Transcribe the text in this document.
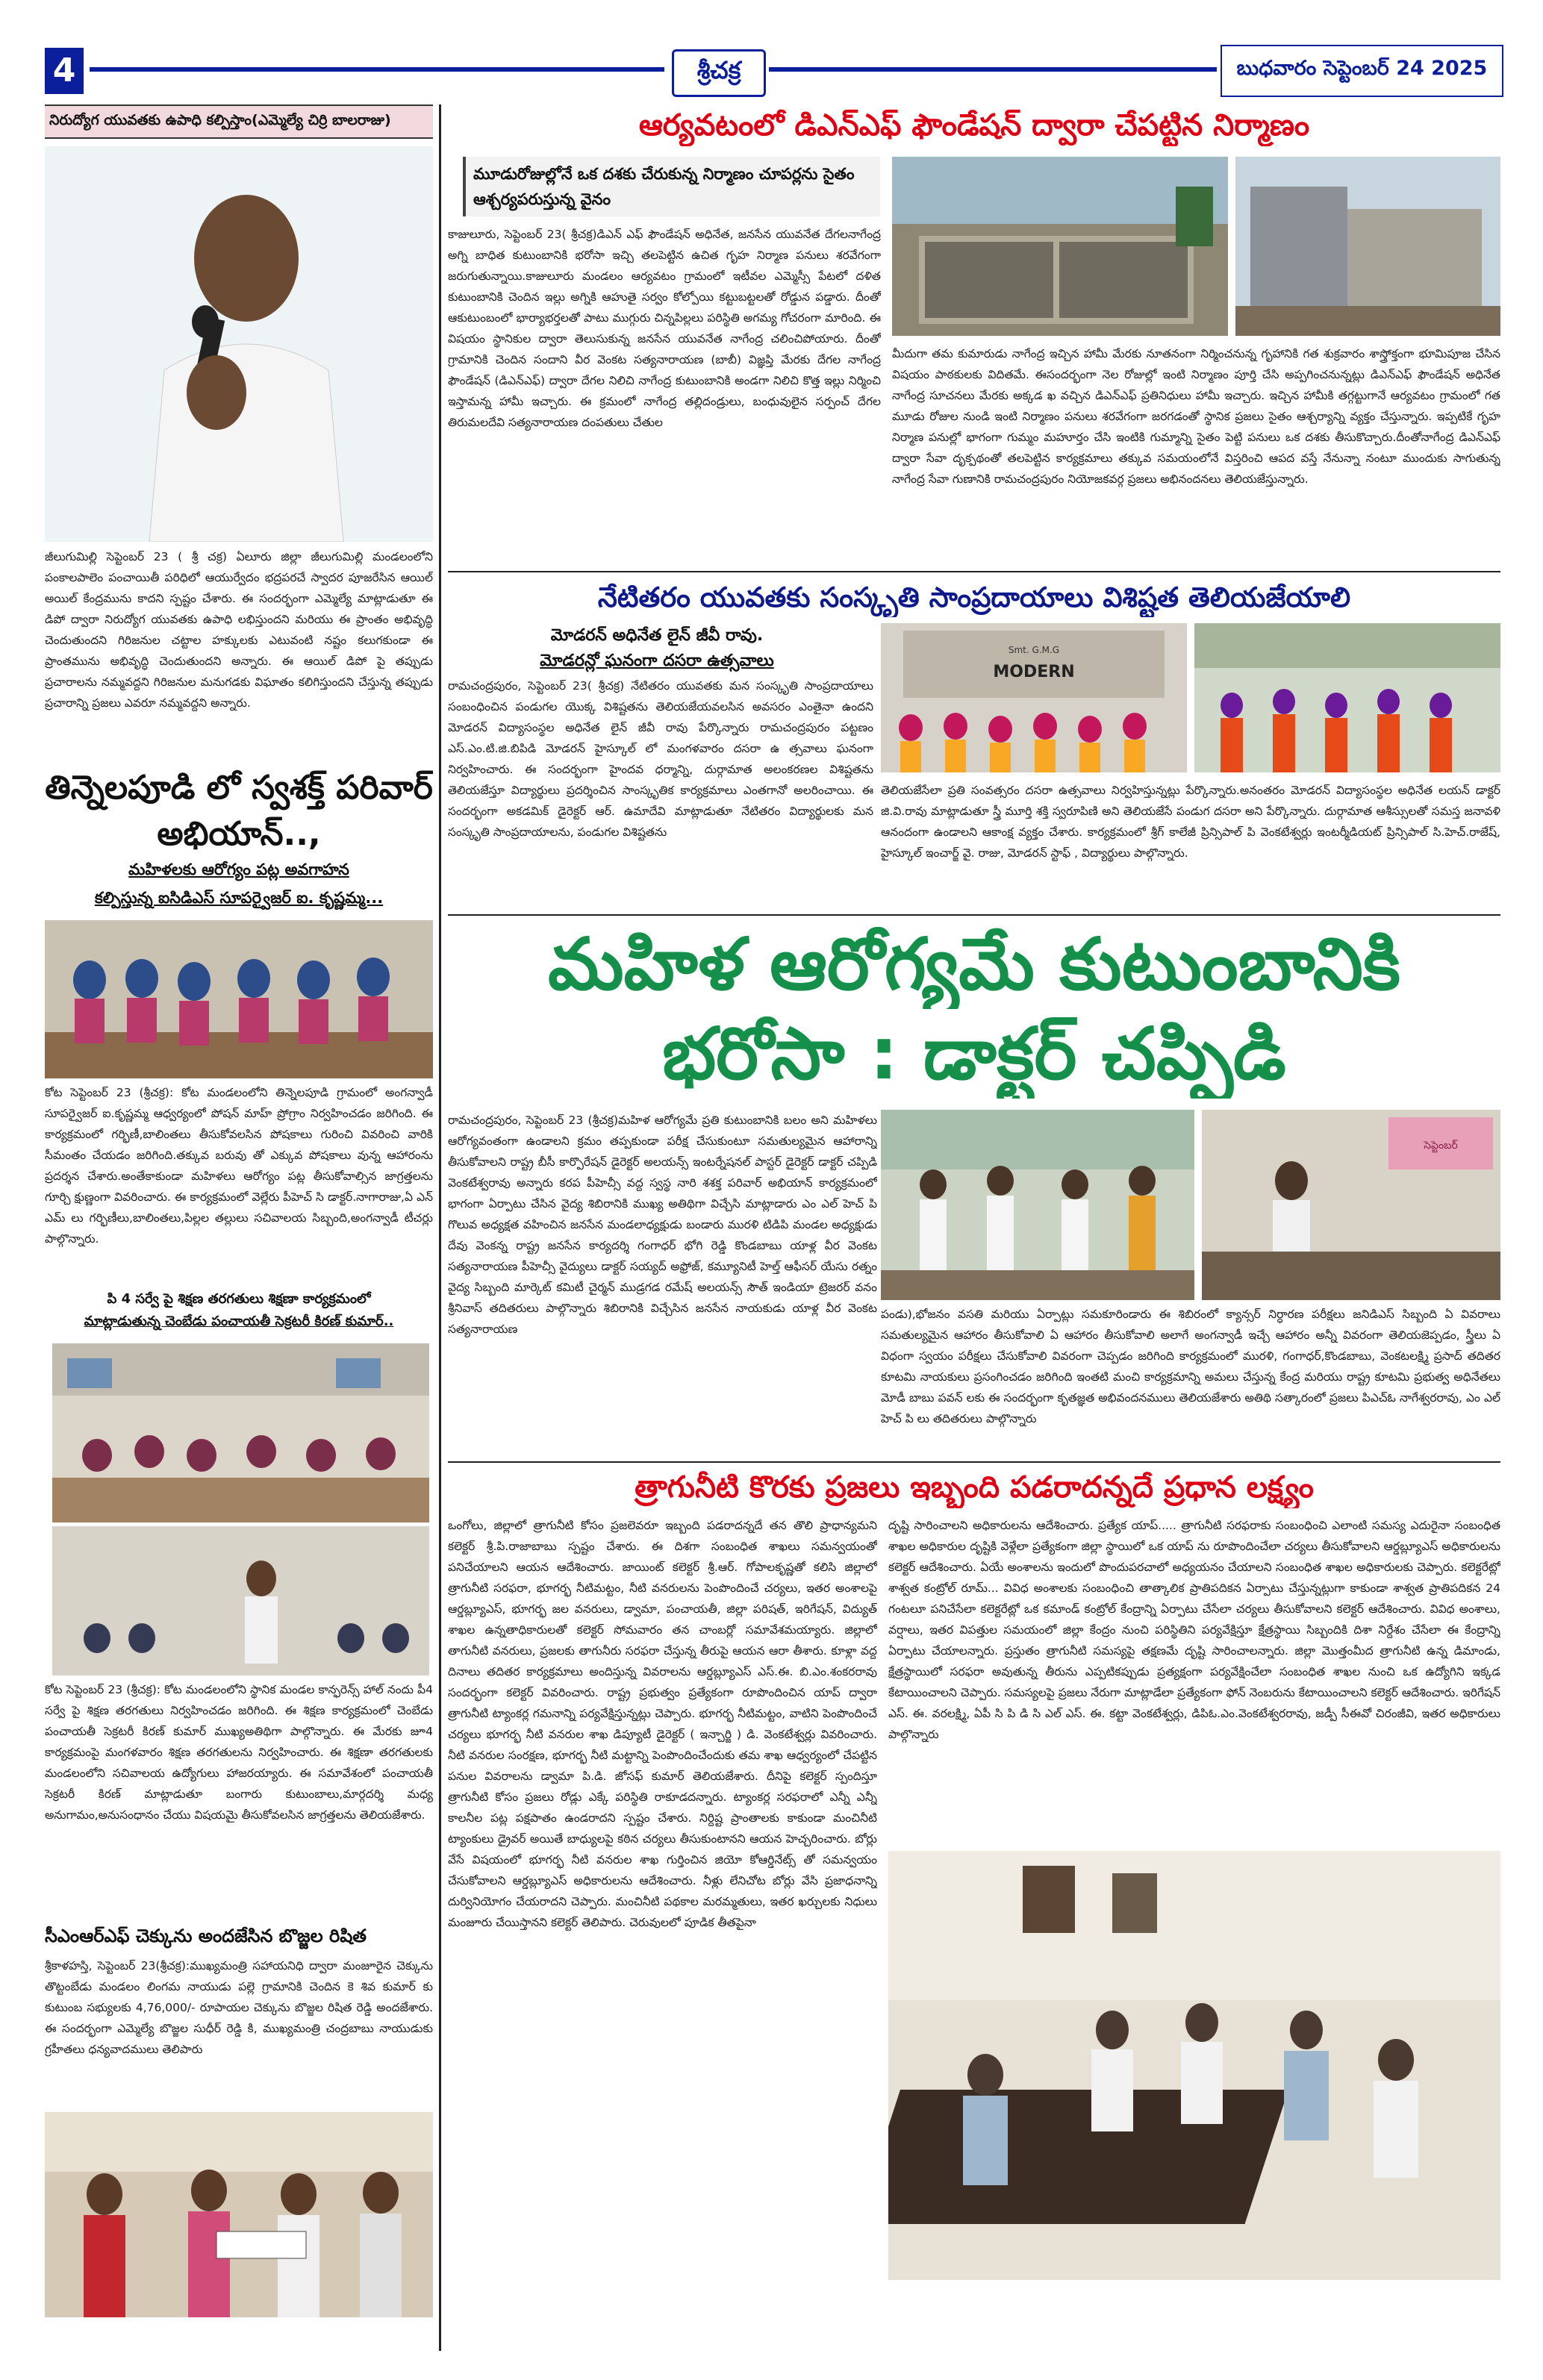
4	శ్రీచక్ర	బుధవారం సెప్టెంబర్ 24 2025
నిరుద్యోగ యువతకు ఉపాధి కల్పిస్తాం(ఎమ్మెల్యే చిర్రి బాలరాజు)
జీలుగుమిల్లి సెప్టెంబర్ 23 ( శ్రీ చక్ర) ఏలూరు జిల్లా జీలుగుమిల్లి మండలంలోని పంకాలపాలెం పంచాయితీ పరిధిలో ఆయుర్వేదం భద్రపరచే స్వాదర పూజరేసిన ఆయిల్ అయిల్ కేంద్రమును కాదని స్పష్టం చేశారు. ఈ సందర్భంగా ఎమ్మెల్యే మాట్లాడుతూ ఈ డిపో ద్వారా నిరుద్యోగ యువతకు ఉపాధి లభిస్తుందని మరియు ఈ ప్రాంతం అభివృద్ధి చెందుతుందని గిరిజనుల చట్టాల హక్కులకు ఎటువంటి నష్టం కలుగకుండా ఈ ప్రాంతమును అభివృద్ధి చెందుతుందని అన్నారు. ఈ ఆయిల్ డిపో పై తప్పుడు ప్రచారాలను నమ్మవద్దని గిరిజనుల మనుగడకు విఘాతం కలిగిస్తుందని చేస్తున్న తప్పుడు ప్రచారాన్ని ప్రజలు ఎవరూ నమ్మవద్దని అన్నారు.
తిన్నెలపూడి లో స్వశక్త్ పరివార్ అభియాన్..,
మహిళలకు ఆరోగ్యం పట్ల అవగాహన
కల్పిస్తున్న ఐసిడిఎస్ సూపర్వైజర్ ఐ. కృష్ణమ్మ...
కోట సెప్టెంబర్ 23 (శ్రీచక్ర): కోట మండలంలోని తిన్నెలపూడి గ్రామంలో అంగన్వాడీ సూపర్వైజర్ ఐ.కృష్ణమ్మ ఆధ్వర్యంలో పోషన్ మాహ్ ప్రోగ్రాం నిర్వహించడం జరిగింది. ఈ కార్యక్రమంలో గర్భిణీ,బాలింతలు తీసుకోవలసిన పోషకాలు గురించి వివరించి వారికి సీమంతం చేయడం జరిగింది.తక్కువ బరువు తో ఎక్కువ పోషకాలు వున్న ఆహారంను ప్రదర్శన చేశారు.అంతేకాకుండా మహిళలు ఆరోగ్యం పట్ల తీసుకోవాల్సిన జాగ్రత్తలను గూర్చి క్షుణ్ణంగా వివరించారు. ఈ కార్యక్రమంలో వెల్లేరు పీహెచ్ సి డాక్టర్.నాగారాజు,ఏ ఎన్ ఎమ్ లు గర్భిణీలు,బాలింతలు,పిల్లల తల్లులు సచివాలయ సిబ్బంది,అంగన్వాడీ టీచర్లు పాల్గొన్నారు.
పి 4 సర్వే పై శిక్షణ తరగతులు శిక్షణా కార్యక్రమంలో
మాట్లాడుతున్న చెంబేడు పంచాయతీ సెక్రటరీ కిరణ్ కుమార్..
కోట సెప్టెంబర్ 23 (శ్రీచక్ర): కోట మండలంలోని స్థానిక మండల కాన్ఫరెన్స్ హాల్ నందు పీ4 సర్వే పై శిక్షణ తరగతులు నిర్వహించడం జరిగింది. ఈ శిక్షణ కార్యక్రమంలో చెంబేడు పంచాయతీ సెక్రటరీ కిరణ్ కుమార్ ముఖ్యఅతిథిగా పాల్గొన్నారు. ఈ మేరకు జూ4 కార్యక్రమంపై మంగళవారం శిక్షణ తరగతులను నిర్వహించారు. ఈ శిక్షణా తరగతులకు మండలంలోని సచివాలయ ఉద్యోగులు హాజరయ్యారు. ఈ సమావేశంలో పంచాయతీ సెక్రటరీ కిరణ్ మాట్లాడుతూ బంగారు కుటుంబాలు,మార్గదర్శి మధ్య అనుగామం,అనుసంధానం చేయు విషయమై తీసుకోవలసిన జాగ్రత్తలను తెలియజేశారు.
సీఎంఆర్ఎఫ్ చెక్కును అందజేసిన బొజ్జల రిషిత
శ్రీకాళహస్తి, సెప్టెంబర్ 23(శ్రీచక్ర):ముఖ్యమంత్రి సహాయనిధి ద్వారా మంజూరైన చెక్కును తొట్టంబేడు మండలం లింగమ నాయుడు పల్లె గ్రామానికి చెందిన కె శివ కుమార్ కు కుటుంబ సభ్యులకు 4,76,000/- రూపాయల చెక్కును బొజ్జల రిషిత రెడ్డి అందజేశారు. ఈ సందర్భంగా ఎమ్మెల్యే బొజ్జల సుధీర్ రెడ్డి కి, ముఖ్యమంత్రి చంద్రబాబు నాయుడుకు గ్రహీతలు ధన్యవాదములు తెలిపారు
ఆర్యవటంలో డిఎన్ఎఫ్ ఫౌండేషన్ ద్వారా చేపట్టిన నిర్మాణం
మూడురోజుల్లోనే ఒక దశకు చేరుకున్న నిర్మాణం చూపర్లను సైతం ఆశ్చర్యపరుస్తున్న వైనం
కాజులూరు, సెప్టెంబర్ 23( శ్రీచక్ర)డిఎన్ ఎఫ్ ఫౌండేషన్ అధినేత, జనసేన యువనేత దేగలనాగేంద్ర అగ్ని బాధిత కుటుంబానికి భరోసా ఇచ్చి తలపెట్టిన ఉచిత గృహ నిర్మాణ పనులు శరవేగంగా జరుగుతున్నాయి.కాజులూరు మండలం ఆర్యవటం గ్రామంలో ఇటీవల ఎమ్మెస్సీ పేటలో దళిత కుటుంబానికి చెందిన ఇల్లు అగ్నికి ఆహుతై సర్వం కోల్పోయి కట్టుబట్టలతో రోడ్డున పడ్డారు. దీంతో ఆకుటుంబంలో భార్యాభర్తలతో పాటు ముగ్గురు చిన్నపిల్లలు పరిస్థితి అగమ్య గోచరంగా మారింది. ఈ విషయం స్థానికుల ద్వారా తెలుసుకున్న జనసేన యువనేత నాగేంద్ర చలించిపోయారు. దీంతో గ్రామానికి చెందిన సందాని వీర వెంకట సత్యనారాయణ (బాబీ) విజ్ఞప్తి మేరకు దేగల నాగేంద్ర ఫౌండేషన్ (డిఎన్ఎఫ్) ద్వారా దేగల నిలిచి నాగేంద్ర కుటుంబానికి అండగా నిలిచి కొత్త ఇల్లు నిర్మించి ఇస్తామన్న హామీ ఇచ్చారు. ఈ క్రమంలో నాగేంద్ర తల్లిదండ్రులు, బంధువులైన సర్పంచ్ దేగల తిరుమలదేవి సత్యనారాయణ దంపతులు చేతుల
మీదుగా తమ కుమారుడు నాగేంద్ర ఇచ్చిన హామీ మేరకు నూతనంగా నిర్మించనున్న గృహానికి గత శుక్రవారం శాస్త్రోక్తంగా భూమిపూజ చేసిన విషయం పాఠకులకు విదితమే. ఈసందర్భంగా నెల రోజుల్లో ఇంటి నిర్మాణం పూర్తి చేసి అప్పగించనున్నట్లు డిఎన్ఎఫ్ ఫౌండేషన్ అధినేత నాగేంద్ర సూచనలు మేరకు అక్కడ ఖ వచ్చిన డిఎన్ఎఫ్ ప్రతినిధులు హామీ ఇచ్చారు. ఇచ్చిన హామీకి తగ్గట్టుగానే ఆర్యవటం గ్రామంలో గత మూడు రోజుల నుండి ఇంటి నిర్మాణం పనులు శరవేగంగా జరగడంతో స్థానిక ప్రజలు సైతం ఆశ్చర్యాన్ని వ్యక్తం చేస్తున్నారు. ఇప్పటికే గృహ నిర్మాణ పనుల్లో భాగంగా గుమ్మం మహూర్తం చేసి ఇంటికి గుమ్మాన్ని సైతం పెట్టి పనులు ఒక దశకు తీసుకొచ్చారు.దీంతోనాగేంద్ర డిఎన్ఎఫ్ ద్వారా సేవా దృక్పథంతో తలపెట్టిన కార్యక్రమాలు తక్కువ సమయంలోనే విస్తరించి ఆపద వస్తే నేనున్నా నంటూ ముందుకు సాగుతున్న నాగేంద్ర సేవా గుణానికి రామచంద్రపురం నియోజకవర్గ ప్రజలు అభినందనలు తెలియజేస్తున్నారు.
నేటితరం యువతకు సంస్కృతి సాంప్రదాయాలు విశిష్టత తెలియజేయాలి
మోడరన్ అధినేత లైన్ జీవీ రావు.
మోడరన్లో ఘనంగా దసరా ఉత్సవాలు
రామచంద్రపురం, సెప్టెంబర్ 23( శ్రీచక్ర) నేటితరం యువతకు మన సంస్కృతి సాంప్రదాయాలు సంబంధించిన పండుగల యొక్క విశిష్టతను తెలియజేయవలసిన అవసరం ఎంతైనా ఉందని మోడరన్ విద్యాసంస్థల అధినేత లైన్ జీవీ రావు పేర్కొన్నారు రామచంద్రపురం పట్టణం ఎస్.ఎం.టి.జి.బిపిడి మోడరన్ హైస్కూల్ లో మంగళవారం దసరా ఉ త్సవాలు ఘనంగా నిర్వహించారు. ఈ సందర్భంగా హైందవ ధర్మాన్ని, దుర్గామాత అలంకరణల విశిష్టతను తెలియజేస్తూ విద్యార్థులు ప్రదర్శించిన సాంస్కృతిక కార్యక్రమాలు ఎంతగానో అలరించాయి. ఈ సందర్భంగా అకడమిక్ డైరెక్టర్ ఆర్. ఉమాదేవి మాట్లాడుతూ నేటితరం విద్యార్థులకు మన సంస్కృతి సాంప్రదాయాలను, పండుగల విశిష్టతను
Smt. G.M.G
MODERN
తెలియజేసేలా ప్రతి సంవత్సరం దసరా ఉత్సవాలు నిర్వహిస్తున్నట్లు పేర్కొన్నారు.అనంతరం మోడరన్ విద్యాసంస్థల అధినేత లయన్ డాక్టర్ జి.వి.రావు మాట్లాడుతూ స్త్రీ మూర్తి శక్తి స్వరూపిణి అని తెలియజేసే పండుగ దసరా అని పేర్కొన్నారు. దుర్గామాత ఆశీస్సులతో సమస్త జనావళి ఆనందంగా ఉండాలని ఆకాంక్ష వ్యక్తం చేశారు. కార్యక్రమంలో శ్రీగ్ కాలేజీ ప్రిన్సిపాల్ పి వెంకటేశ్వర్లు ఇంటర్మీడియట్ ప్రిన్సిపాల్ సి.హెచ్.రాజేష్, హైస్కూల్ ఇంచార్జ్ వై. రాజు, మోడరన్ స్టాఫ్ , విద్యార్థులు పాల్గొన్నారు.
మహిళ ఆరోగ్యమే కుటుంబానికి
భరోసా : డాక్టర్ చప్పిడి
రామచంద్రపురం, సెప్టెంబర్ 23 (శ్రీచక్ర)మహిళ ఆరోగ్యమే ప్రతి కుటుంబానికి బలం అని మహిళలు ఆరోగ్యవంతంగా ఉండాలని క్రమం తప్పకుండా పరీక్ష చేసుకుంటూ సమతుల్యమైన ఆహారాన్ని తీసుకోవాలని రాష్ట్ర బీసీ కార్పొరేషన్ డైరెక్టర్ అలయన్స్ ఇంటర్నేషనల్ పాస్టర్ డైరెక్టర్ డాక్టర్ చప్పిడి వెంకటేశ్వరావు అన్నారు కరప పీహెచ్సీ వద్ద స్వస్థ నారి శశక్త పరివార్ అభియాన్ కార్యక్రమంలో భాగంగా ఏర్పాటు చేసిన వైద్య శిబిరానికి ముఖ్య అతిథిగా విచ్చేసి మాట్లాడారు ఎం ఎల్ హెచ్ పి గొలువ అధ్యక్షత వహించిన జనసేన మండలాధ్యక్షుడు బండారు మురళి టిడిపి మండల అధ్యక్షుడు దేవు వెంకన్న రాష్ట్ర జనసేన కార్యదర్శి గంగాధర్ భోగి రెడ్డి కొండబాబు యాళ్ల వీర వెంకట సత్యనారాయణ పీహెచ్సీ వైద్యులు డాక్టర్ సయ్యద్ అఫ్రోజ్, కమ్యూనిటీ హెల్త్ ఆఫీసర్ యేసు రత్నం వైద్య సిబ్బంది మార్కెట్ కమిటీ చైర్మన్ ముడ్రగడ రమేష్ అలయన్స్ సౌత్ ఇండియా ట్రెజరర్ వనం శ్రీనివాస్ తదితరులు పాల్గొన్నారు శిబిరానికి విచ్చేసిన జనసేన నాయకుడు యాళ్ల వీర వెంకట సత్యనారాయణ
సెప్టెంబర్
పండు),భోజనం వసతి మరియు ఏర్పాట్లు సమకూరిండారు ఈ శిబిరంలో క్యాన్సర్ నిర్ధారణ పరీక్షలు జనిడిఎస్ సిబ్బంది ఏ వివరాలు సమతుల్యమైన ఆహారం తీసుకోవాలి ఏ ఆహారం తీసుకోవాలి అలాగే అంగన్వాడీ ఇచ్చే ఆహారం అన్నీ వివరంగా తెలియజెప్పడం, స్త్రీలు ఏ విధంగా స్వయం పరీక్షలు చేసుకోవాలి వివరంగా చెప్పడం జరిగింది కార్యక్రమంలో మురళి, గంగాధర్,కొండబాబు, వెంకటలక్ష్మి ప్రసాద్ తదితర కూటమి నాయకులు ప్రసంగించడం జరిగింది ఇంతటి మంచి కార్యక్రమాన్ని అమలు చేస్తున్న కేంద్ర మరియు రాష్ట్ర కూటమి ప్రభుత్వ అధినేతలు మోడీ బాబు పవన్ లకు ఈ సందర్భంగా కృతజ్ఞత అభివందనములు తెలియజేశారు అతిథి సత్కారంలో ప్రజలు పిఎచ్ఓ నాగేశ్వరరావు, ఎం ఎల్ హెచ్ పి లు తదితరులు పాల్గొన్నారు
త్రాగునీటి కొరకు ప్రజలు ఇబ్బంది పడరాదన్నదే ప్రధాన లక్ష్యం
ఒంగోలు, జిల్లాలో త్రాగునీటి కోసం ప్రజలెవరూ ఇబ్బంది పడరాదన్నదే తన తొలి ప్రాధాన్యమని కలెక్టర్ శ్రీ.పి.రాజాబాబు స్పష్టం చేశారు. ఈ దిశగా సంబంధిత శాఖలు సమన్వయంతో పనిచేయాలని ఆయన ఆదేశించారు. జాయింట్ కలెక్టర్ శ్రీ.ఆర్. గోపాలకృష్ణతో కలిసి జిల్లాలో త్రాగునీటి సరఫరా, భూగర్భ నీటిమట్టం, నీటి వనరులను పెంపొందించే చర్యలు, ఇతర అంశాలపై ఆర్డబ్ల్యూఎస్, భూగర్భ జల వనరులు, డ్వామా, పంచాయతీ, జిల్లా పరిషత్, ఇరిగేషన్, విద్యుత్ శాఖల ఉన్నతాధికారులతో కలెక్టర్ సోమవారం తన చాంబర్లో సమావేశమయ్యారు. జిల్లాలో తాగునీటి వనరులు, ప్రజలకు తాగునీరు సరఫరా చేస్తున్న తీరుపై ఆయన ఆరా తీశారు. కూళ్లా వద్ద దినాలు తదితర కార్యక్రమాలు అందిస్తున్న వివరాలను ఆర్డబ్ల్యూఎస్ ఎస్.ఈ. బి.ఎం.శంకరరావు సందర్భంగా కలెక్టర్ వివరించారు. రాష్ట్ర ప్రభుత్వం ప్రత్యేకంగా రూపొందించిన యాప్ ద్వారా త్రాగునీటి ట్యాంకర్ల గమనాన్ని పర్యవేక్షిస్తున్నట్లు చెప్పారు. భూగర్భ నీటిమట్టం, వాటిని పెంపొందించే చర్యలు భూగర్భ నీటి వనరుల శాఖ డిప్యూటీ డైరెక్టర్ ( ఇన్చార్జి ) డి. వెంకటేశ్వర్లు వివరించారు. నీటి వనరుల సంరక్షణ, భూగర్భ నీటి మట్టాన్ని పెంపొందించేందుకు తమ శాఖ ఆధ్వర్యంలో చేపట్టిన పనుల వివరాలను డ్వామా పి.డి. జోసఫ్ కుమార్ తెలియజేశారు. దీనిపై కలెక్టర్ స్పందిస్తూ త్రాగునీటి కోసం ప్రజలు రోడ్లు ఎక్కే పరిస్థితి రాకూడదన్నారు. ట్యాంకర్ల సరఫరాలో ఎన్నీ ఎన్నీ కాలనీల పట్ల పక్షపాతం ఉండరాదని స్పష్టం చేశారు. నిర్దిష్ట ప్రాంతాలకు కాకుండా మంచినీటి ట్యాంకులు డ్రైవర్ అయితే బాధ్యులపై కఠిన చర్యలు తీసుకుంటానని ఆయన హెచ్చరించారు. బోర్లు వేసే విషయంలో భూగర్భ నీటి వనరుల శాఖ గుర్తించిన జియో కోఆర్డినేట్స్ తో సమన్వయం చేసుకోవాలని ఆర్డబ్ల్యూఎస్ అధికారులను ఆదేశించారు. నీళ్లు లేనిచోట బోర్లు వేసి ప్రజాధనాన్ని దుర్వినియోగం చేయరాదని చెప్పారు. మంచినీటి పథకాల మరమ్మతులు, ఇతర ఖర్చులకు నిధులు మంజూరు చేయిస్తానని కలెక్టర్ తెలిపారు. చెరువులలో పూడిక తీతపైనా
దృష్టి సారించాలని అధికారులను ఆదేశించారు. ప్రత్యేక యాప్..... త్రాగునీటి సరఫరాకు సంబంధించి ఎలాంటి సమస్య ఎదురైనా సంబంధిత శాఖల అధికారుల దృష్టికి వెళ్లేలా ప్రత్యేకంగా జిల్లా స్థాయిలో ఒక యాప్ ను రూపొందించేలా చర్యలు తీసుకోవాలని ఆర్డబ్ల్యూఎస్ అధికారులను కలెక్టర్ ఆదేశించారు. ఏయే అంశాలను ఇందులో పొందుపరచాలో అధ్యయనం చేయాలని సంబంధిత శాఖల అధికారులకు చెప్పారు. కలెక్టరేట్లో శాశ్వత కంట్రోల్ రూమ్... వివిధ అంశాలకు సంబంధించి తాత్కాలిక ప్రాతిపదికన ఏర్పాటు చేస్తున్నట్లుగా కాకుండా శాశ్వత ప్రాతిపదికన 24 గంటలూ పనిచేసేలా కలెక్టరేట్లో ఒక కమాండ్ కంట్రోల్ కేంద్రాన్ని ఏర్పాటు చేసేలా చర్యలు తీసుకోవాలని కలెక్టర్ ఆదేశించారు. వివిధ అంశాలు, వర్షాలు, ఇతర విపత్తుల సమయంలో జిల్లా కేంద్రం నుంచి పరిస్థితిని పర్యవేక్షిస్తూ క్షేత్రస్థాయి సిబ్బందికి దిశా నిర్దేశం చేసేలా ఈ కేంద్రాన్ని ఏర్పాటు చేయాలన్నారు. ప్రస్తుతం త్రాగునీటి సమస్యపై తక్షణమే దృష్టి సారించాలన్నారు. జిల్లా మొత్తంమీద త్రాగునీటి ఉన్న డిమాండు, క్షేత్రస్థాయిలో సరఫరా అవుతున్న తీరును ఎప్పటికప్పుడు ప్రత్యక్షంగా పర్యవేక్షించేలా సంబంధిత శాఖల నుంచి ఒక ఉద్యోగిని ఇక్కడ కేటాయించాలని చెప్పారు. సమస్యలపై ప్రజలు నేరుగా మాట్లాడేలా ప్రత్యేకంగా ఫోన్ నెంబరును కేటాయించాలని కలెక్టర్ ఆదేశించారు. ఇరిగేషన్ ఎస్. ఈ. వరలక్ష్మి, ఏపీ సి పి డి సి ఎల్ ఎస్. ఈ. కట్టా వెంకటేశ్వర్లు, డిపిఓ.ఎం.వెంకటేశ్వరరావు, జడ్పీ సీఈవో చిరంజీవి, ఇతర అధికారులు పాల్గొన్నారు
